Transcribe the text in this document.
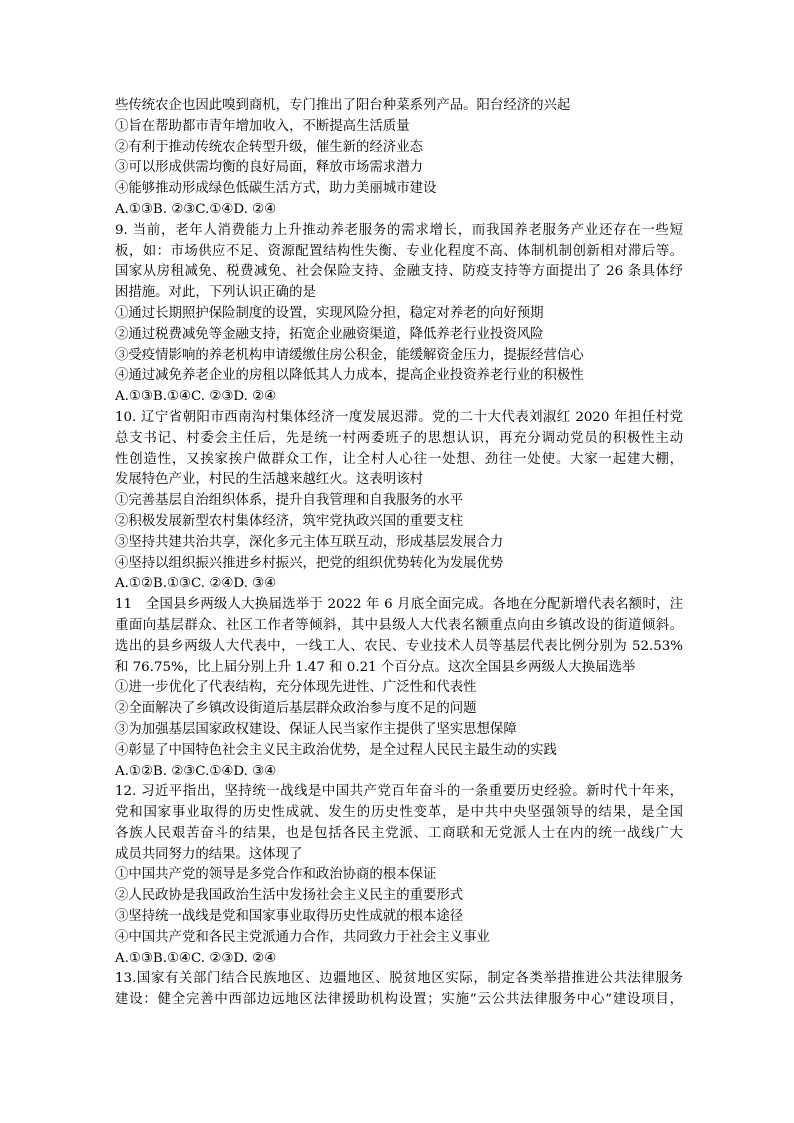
些传统农企也因此嗅到商机，专门推出了阳台种菜系列产品。阳台经济的兴起
①旨在帮助都市青年增加收入，不断提高生活质量
②有利于推动传统农企转型升级，催生新的经济业态
③可以形成供需均衡的良好局面，释放市场需求潜力
④能够推动形成绿色低碳生活方式，助力美丽城市建设
A.①③B. ②③C.①④D. ②④
9. 当前，老年人消费能力上升推动养老服务的需求增长，而我国养老服务产业还存在一些短
板，如：市场供应不足、资源配置结构性失衡、专业化程度不高、体制机制创新相对滞后等。
国家从房租减免、税费减免、社会保险支持、金融支持、防疫支持等方面提出了 26 条具体纾
困措施。对此，下列认识正确的是
①通过长期照护保险制度的设置，实现风险分担，稳定对养老的向好预期
②通过税费减免等金融支持，拓宽企业融资渠道，降低养老行业投资风险
③受疫情影响的养老机构申请缓缴住房公积金，能缓解资金压力，提振经营信心
④通过减免养老企业的房租以降低其人力成本，提高企业投资养老行业的积极性
A.①③B.①④C. ②③D. ②④
10. 辽宁省朝阳市西南沟村集体经济一度发展迟滞。党的二十大代表刘淑红 2020 年担任村党
总支书记、村委会主任后，先是统一村两委班子的思想认识，再充分调动党员的积极性主动
性创造性，又挨家挨户做群众工作，让全村人心往一处想、劲往一处使。大家一起建大棚，
发展特色产业，村民的生活越来越红火。这表明该村
①完善基层自治组织体系，提升自我管理和自我服务的水平
②积极发展新型农村集体经济，筑牢党执政兴国的重要支柱
③坚持共建共治共享，深化多元主体互联互动，形成基层发展合力
④坚持以组织振兴推进乡村振兴，把党的组织优势转化为发展优势
A.①②B.①③C. ②④D. ③④
11　全国县乡两级人大换届选举于 2022 年 6 月底全面完成。各地在分配新增代表名额时，注
重面向基层群众、社区工作者等倾斜，其中县级人大代表名额重点向由乡镇改设的街道倾斜。
选出的县乡两级人大代表中，一线工人、农民、专业技术人员等基层代表比例分别为 52.53%
和 76.75%，比上届分别上升 1.47 和 0.21 个百分点。这次全国县乡两级人大换届选举
①进一步优化了代表结构，充分体现先进性、广泛性和代表性
②全面解决了乡镇改设街道后基层群众政治参与度不足的问题
③为加强基层国家政权建设、保证人民当家作主提供了坚实思想保障
④彰显了中国特色社会主义民主政治优势，是全过程人民民主最生动的实践
A.①②B. ②③C.①④D. ③④
12. 习近平指出，坚持统一战线是中国共产党百年奋斗的一条重要历史经验。新时代十年来，
党和国家事业取得的历史性成就、发生的历史性变革，是中共中央坚强领导的结果，是全国
各族人民艰苦奋斗的结果，也是包括各民主党派、工商联和无党派人士在内的统一战线广大
成员共同努力的结果。这体现了
①中国共产党的领导是多党合作和政治协商的根本保证
②人民政协是我国政治生活中发扬社会主义民主的重要形式
③坚持统一战线是党和国家事业取得历史性成就的根本途径
④中国共产党和各民主党派通力合作，共同致力于社会主义事业
A.①③B.①④C. ②③D. ②④
13.国家有关部门结合民族地区、边疆地区、脱贫地区实际，制定各类举措推进公共法律服务
建设：健全完善中西部边远地区法律援助机构设置；实施“云公共法律服务中心”建设项目，
